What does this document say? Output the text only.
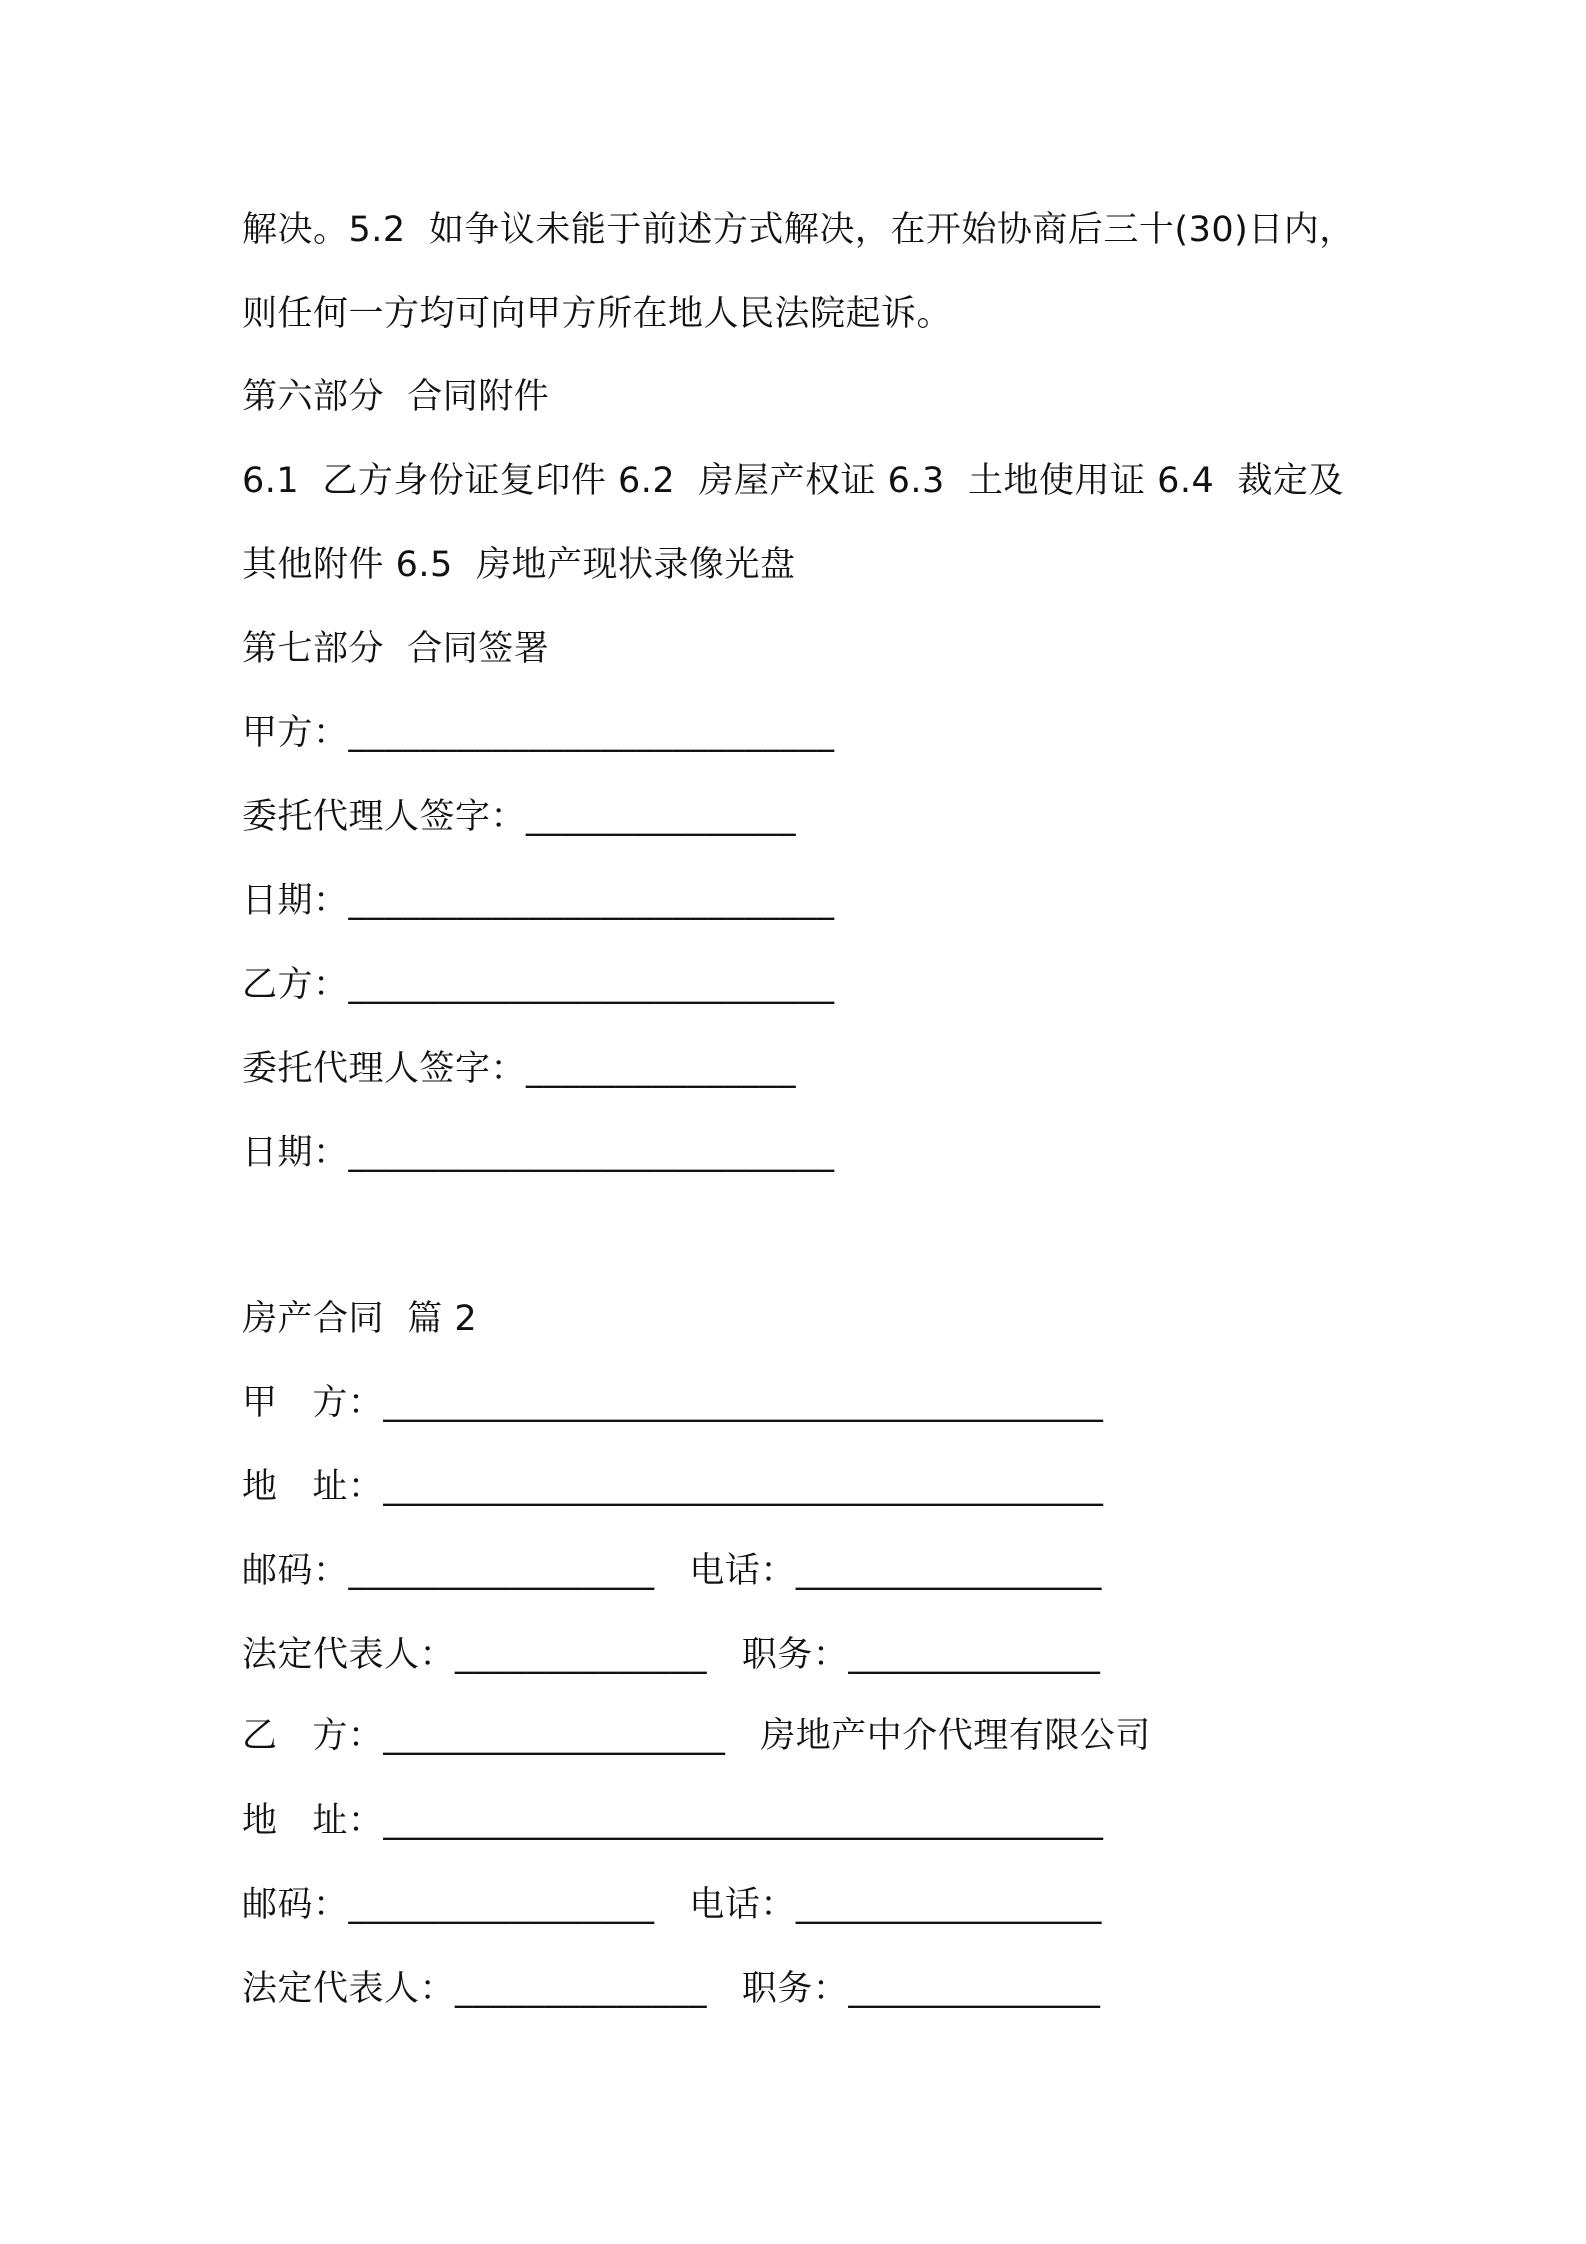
解决。5.2  如争议未能于前述方式解决，在开始协商后三十(30)日内，
则任何一方均可向甲方所在地人民法院起诉。
第六部分  合同附件
6.1  乙方身份证复印件 6.2  房屋产权证 6.3  土地使用证 6.4  裁定及
其他附件 6.5  房地产现状录像光盘
第七部分  合同签署
甲方：___________________________
委托代理人签字：_______________
日期：___________________________
乙方：___________________________
委托代理人签字：_______________
日期：___________________________
房产合同  篇 2
甲   方：________________________________________
地   址：________________________________________
邮码：_________________   电话：_________________
法定代表人：______________   职务：______________
乙   方：___________________   房地产中介代理有限公司
地   址：________________________________________
邮码：_________________   电话：_________________
法定代表人：______________   职务：______________
